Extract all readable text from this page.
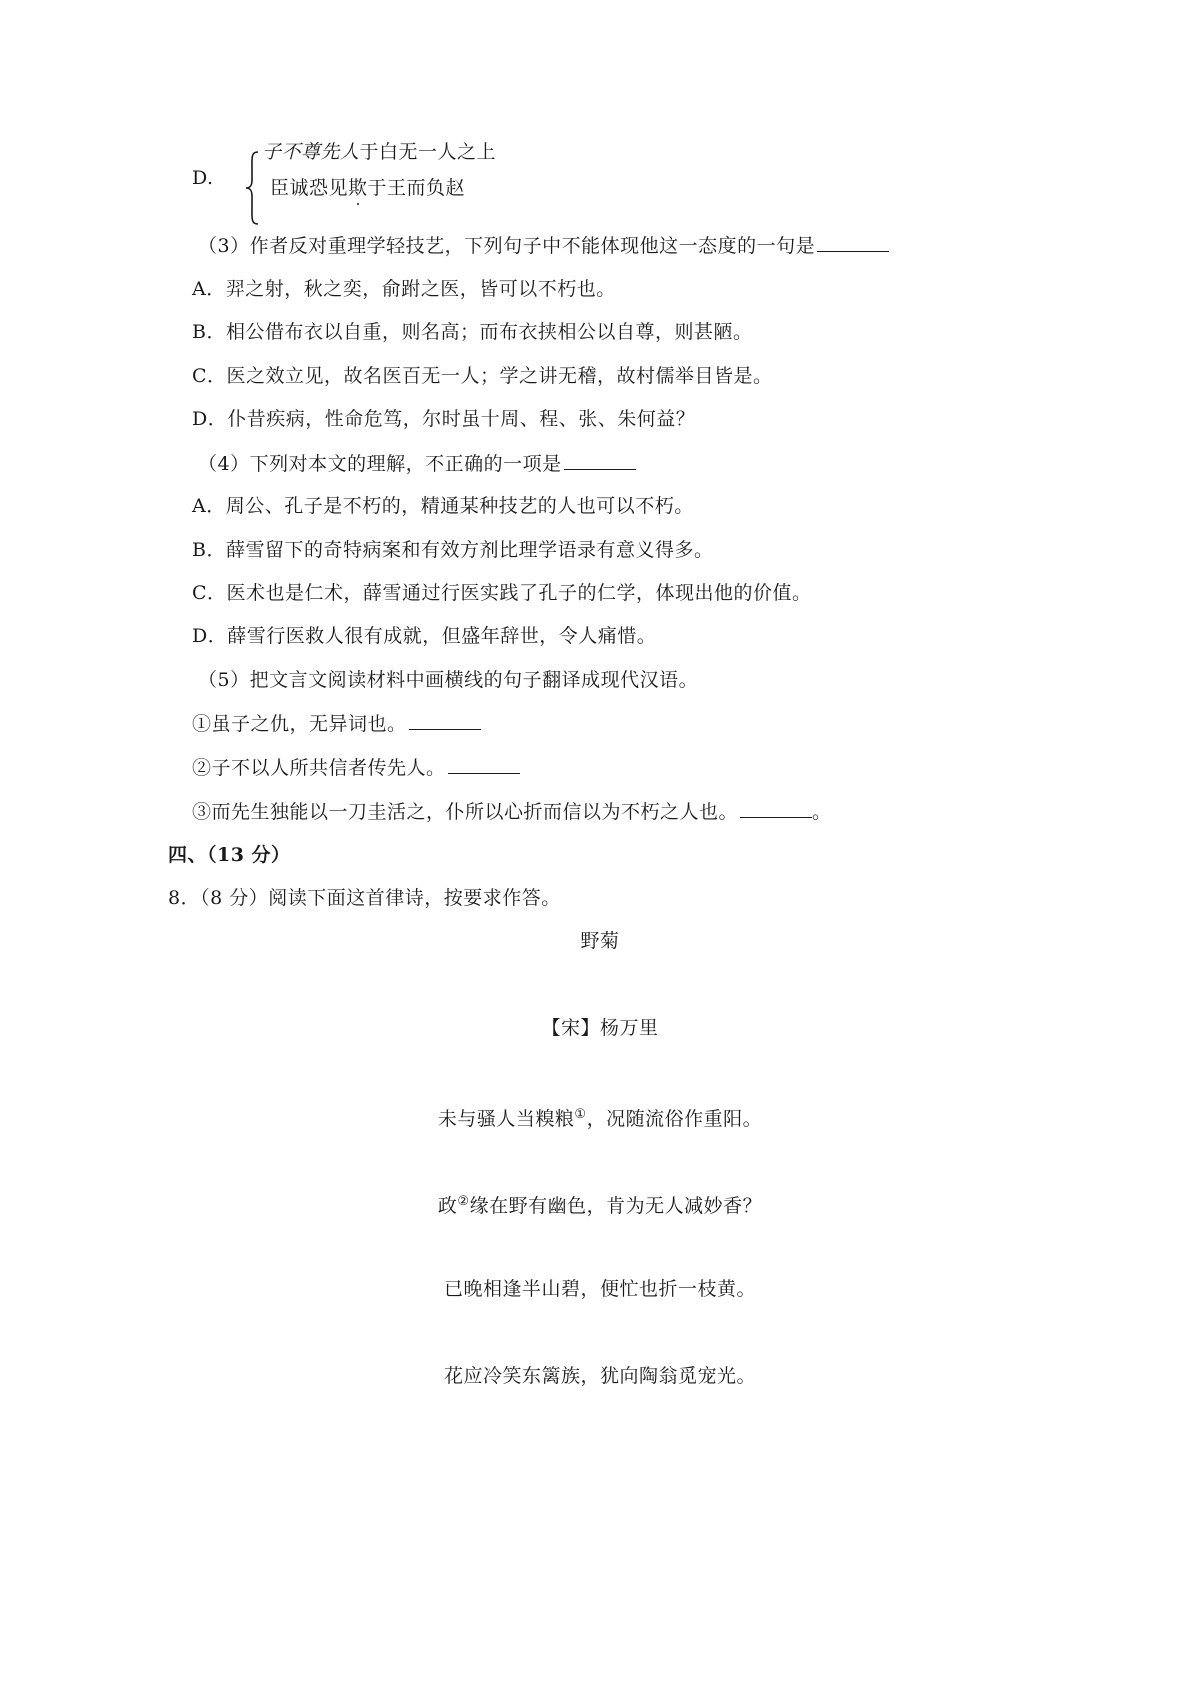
D.
子不尊先人于白无一人之上
臣诚恐见欺于王而负赵
（3）作者反对重理学轻技艺，下列句子中不能体现他这一态度的一句是
A．羿之射，秋之奕，俞跗之医，皆可以不朽也。
B．相公借布衣以自重，则名高；而布衣挟相公以自尊，则甚陋。
C．医之效立见，故名医百无一人；学之讲无稽，故村儒举目皆是。
D．仆昔疾病，性命危笃，尔时虽十周、程、张、朱何益？
（4）下列对本文的理解，不正确的一项是
A．周公、孔子是不朽的，精通某种技艺的人也可以不朽。
B．薛雪留下的奇特病案和有效方剂比理学语录有意义得多。
C．医术也是仁术，薛雪通过行医实践了孔子的仁学，体现出他的价值。
D．薛雪行医救人很有成就，但盛年辞世，令人痛惜。
（5）把文言文阅读材料中画横线的句子翻译成现代汉语。
①虽子之仇，无异词也。
②子不以人所共信者传先人。
③而先生独能以一刀圭活之，仆所以心折而信以为不朽之人也。	。
四、（13 分）
8．（8 分）阅读下面这首律诗，按要求作答。
野菊
【宋】杨万里
未与骚人当糗粮①，况随流俗作重阳。
政②缘在野有幽色，肯为无人减妙香？
已晚相逢半山碧，便忙也折一枝黄。
花应冷笑东篱族，犹向陶翁觅宠光。
